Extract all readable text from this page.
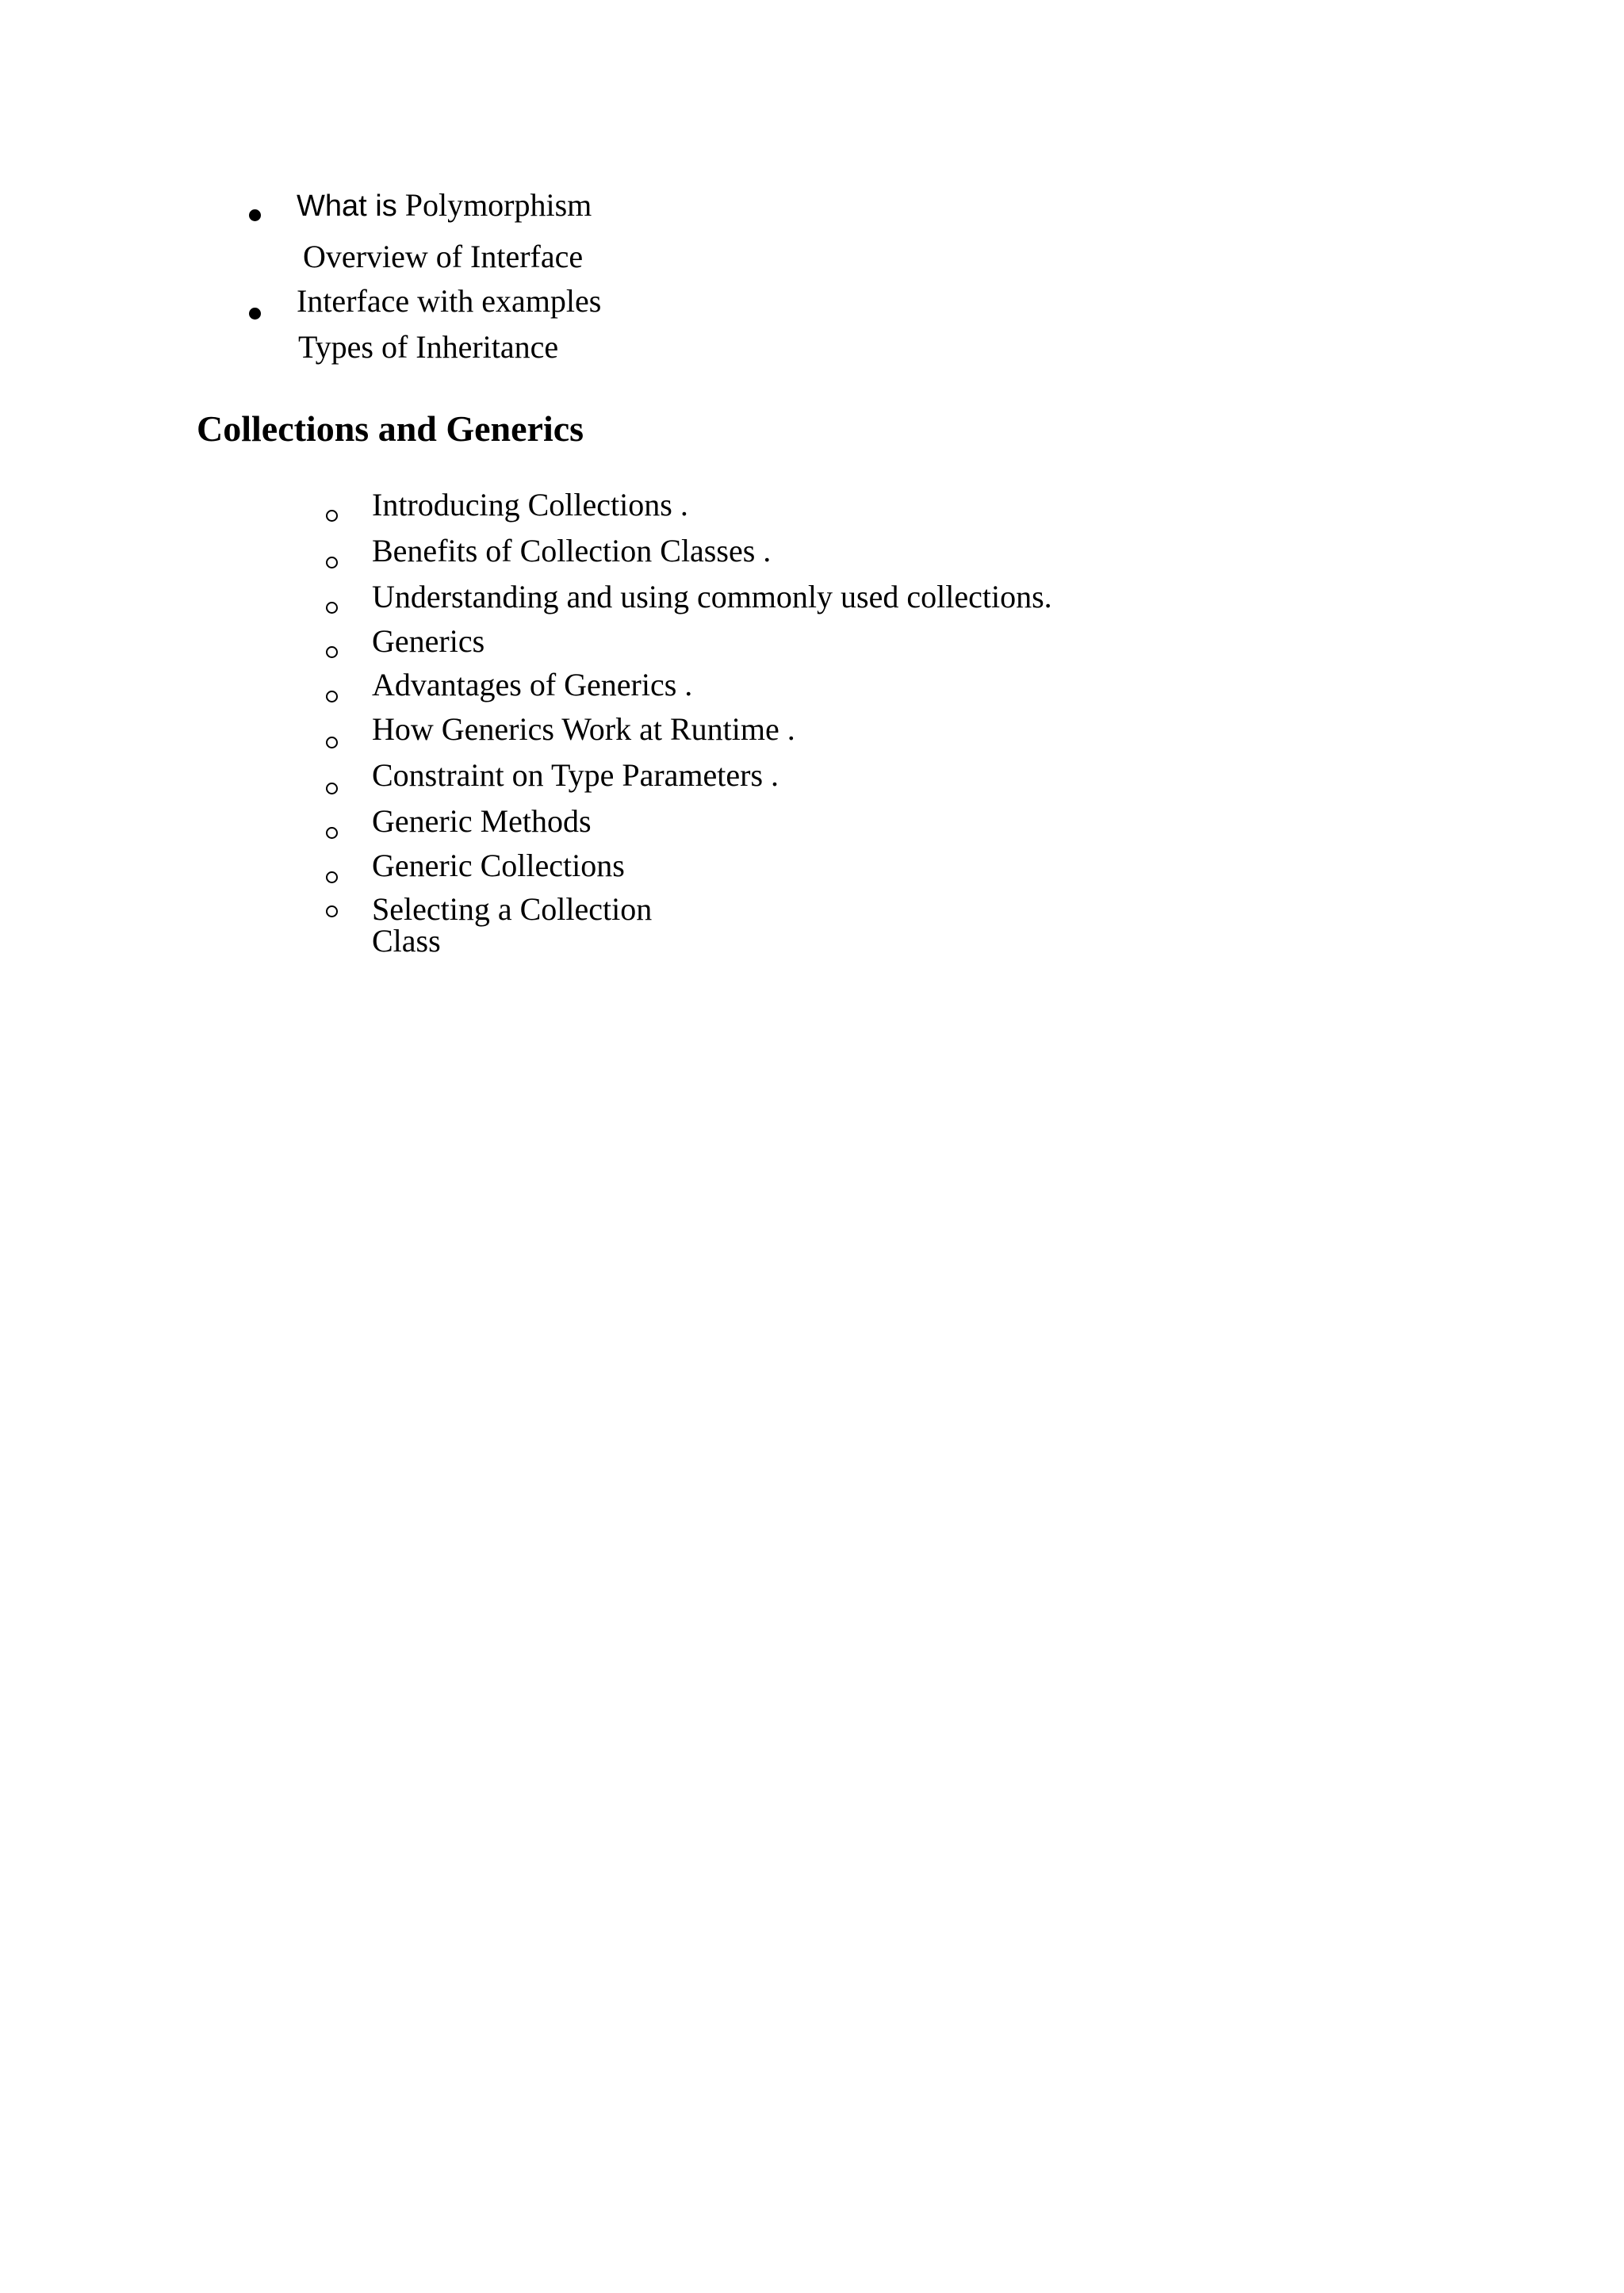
What is Polymorphism
Overview of Interface
Interface with examples
Types of Inheritance
Collections and Generics
Introducing Collections .
Benefits of Collection Classes .
Understanding and using commonly used collections.
Generics
Advantages of Generics .
How Generics Work at Runtime .
Constraint on Type Parameters .
Generic Methods
Generic Collections
Selecting a Collection
Class
